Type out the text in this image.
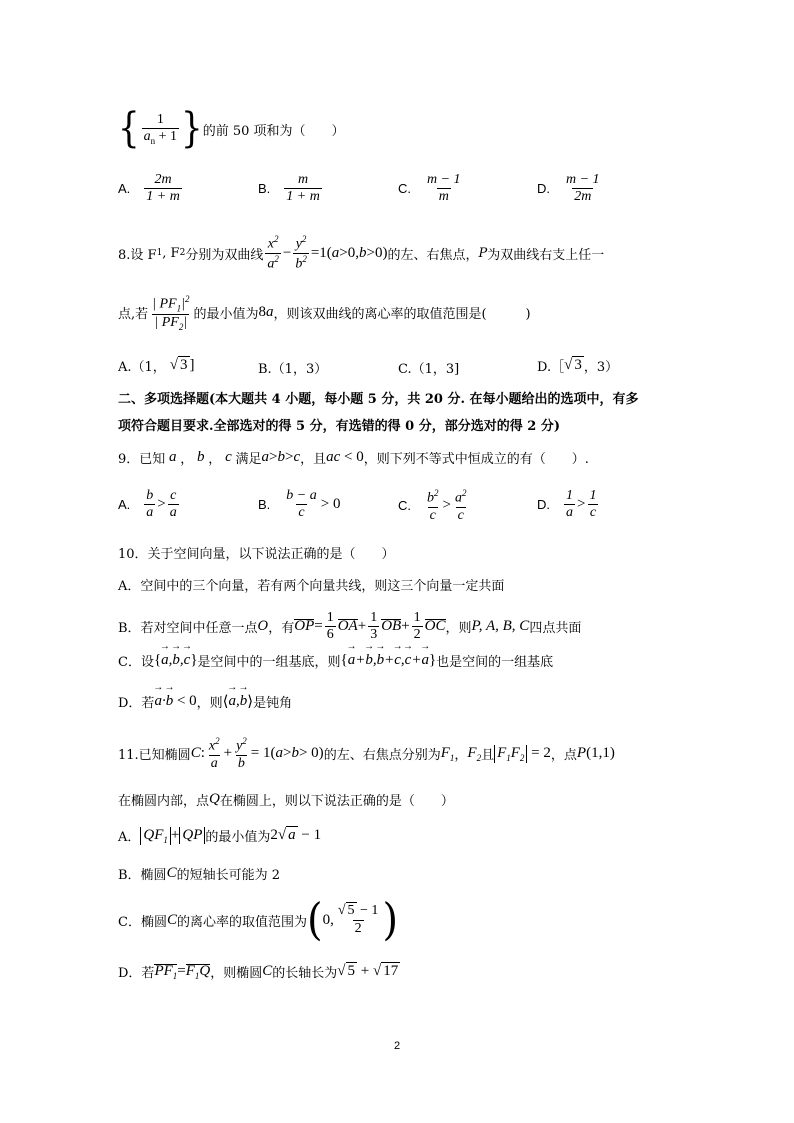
{ $\frac{1}{a_n + 1}$ } 的前 50 项和为（　　）
A. $\frac{2m}{1 + m}$	B. $\frac{m}{1 + m}$	C. $\frac{m - 1}{m}$	D. $\frac{m - 1}{2m}$
8.设 F 1 , F 2 分别为双曲线 $\frac{x^2}{a^2} - \frac{y^2}{b^2} =1$( a >0, b >0) 的左、右焦点， P 为双曲线右支上任一
点,若 $\frac{| PF_1|^2}{| PF_2|}$ 的最小值为 8 a ，则该双曲线的离心率的取值范围是(　　　)
A.（1， √ 3 ]	B.（1，3）	C.（1，3]	D.［ √ 3 ，3）
二、多项选择题(本大题共 4 小题，每小题 5 分，共 20 分. 在每小题给出的选项中，有多
项符合题目要求.全部选对的得 5 分，有选错的得 0 分，部分选对的得 2 分)
9．已知 a ， b ， c 满足 a > b > c ，且 ac < 0 ，则下列不等式中恒成立的有（　　）.
A. $\frac{b}{a} > \frac{c}{a}$	B. $\frac{b - a}{c} > 0$	C. $\frac{b^2}{c} > \frac{a^2}{c}$	D. $\frac{1}{a} > \frac{1}{c}$
10．关于空间向量，以下说法正确的是（　　）
A．空间中的三个向量，若有两个向量共线，则这三个向量一定共面
B．若对空间中任意一点 O ，有 OP = $\frac{1}{6}$ OA + $\frac{1}{3}$ OB + $\frac{1}{2}$ OC ，则 P, A, B, C 四点共面
C．设 { a →,b →,c → } 是空间中的一组基底，则 { a →+b →,b →+c →,c →+a → } 也是空间的一组基底
D．若 a →·b → < 0 ，则 ⟨ a →,b → ⟩ 是钝角
11.已知椭圆 C : $\frac{x^2}{a} + \frac{y^2}{b} = 1$( a > b > 0) 的左、右焦点分别为 $F_1$ ， $F_2$ 且 $F_1F_2 = 2$ ，点 P (1,1)
在椭圆内部，点 Q 在椭圆上，则以下说法正确的是（　　）
A． $QF_1$ + QP 的最小值为 2√ a − 1
B．椭圆 C 的短轴长可能为 2
C．椭圆 C 的离心率的取值范围为 ( 0, $\frac{√ 5 - 1}{2}$ )
D．若 $PF_1 = F_1Q$ ，则椭圆 C 的长轴长为 √ 5 + √ 17
2
